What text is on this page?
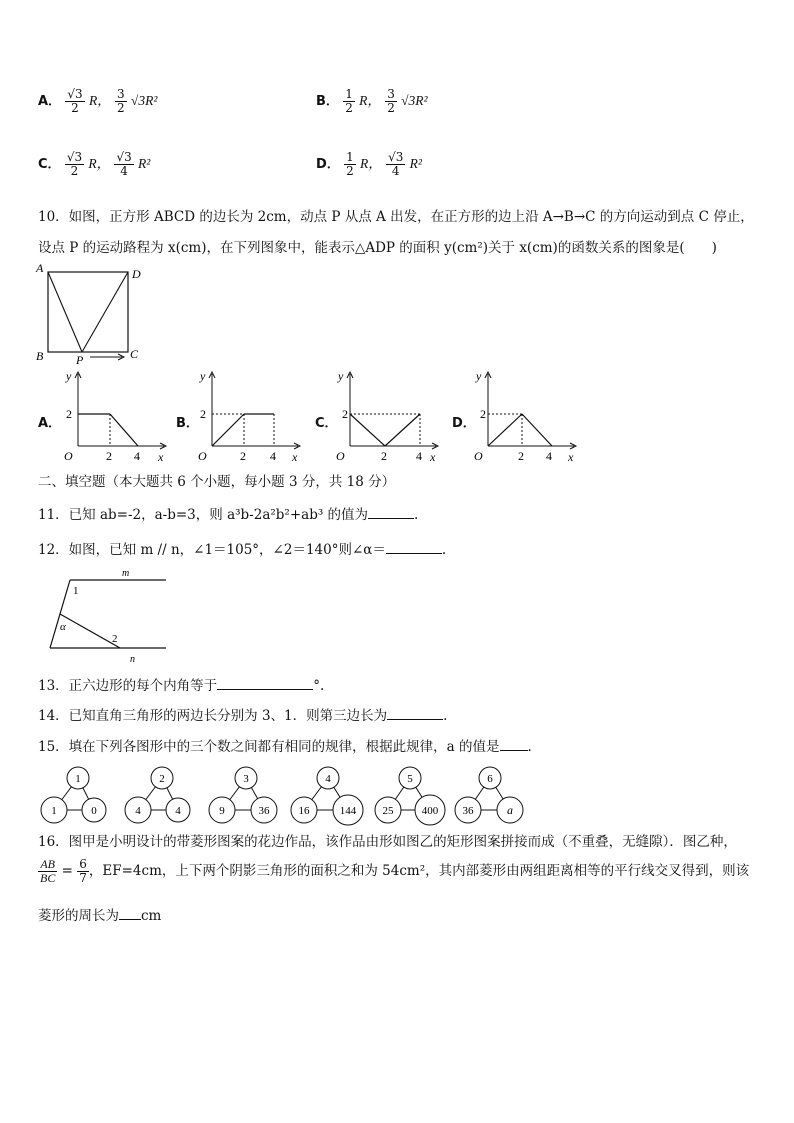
A． $\frac{√3}{2}$ R， $\frac{3}{2} √3R^2$	B． $\frac{1}{2}$ R， $\frac{3}{2} √3R^2$
C． $\frac{√3}{2}$ R， $\frac{√3}{4} R^2$	D． $\frac{1}{2}$ R， $\frac{√3}{4} R^2$
10．如图，正方形 ABCD 的边长为 2cm，动点 P 从点 A 出发，在正方形的边上沿 A→B→C 的方向运动到点 C 停止，
设点 P 的运动路程为 x(cm)，在下列图象中，能表示△ADP 的面积 y(cm²)关于 x(cm)的函数关系的图象是(　　)
A	D
B	C
P
A．	B．	C．	D．
y
x
O
2
2 4
y
x
O
2
2 4
y
x
O
2
2 4
y
x
O
2
2 4
二、填空题（本大题共 6 个小题，每小题 3 分，共 18 分）
11．已知 ab=-2，a-b=3，则 a³b-2a²b²+ab³ 的值为	.
12．如图，已知 m // n，∠1＝105°，∠2＝140°则∠α＝	.
m
n
1
2
α
13．正六边形的每个内角等于	°.
14．已知直角三角形的两边长分别为 3、1．则第三边长为	.
15．填在下列各图形中的三个数之间都有相同的规律，根据此规律，a 的值是 .
1
1	0
2
4	4
3
9	36
4
16	144
5
25	400
6
36	a
16．图甲是小明设计的带菱形图案的花边作品，该作品由形如图乙的矩形图案拼接而成（不重叠，无缝隙）．图乙种，
$\frac{AB}{BC} = \frac{6}{7}$ ，EF=4cm，上下两个阴影三角形的面积之和为 54cm²，其内部菱形由两组距离相等的平行线交叉得到，则该
菱形的周长为 cm
